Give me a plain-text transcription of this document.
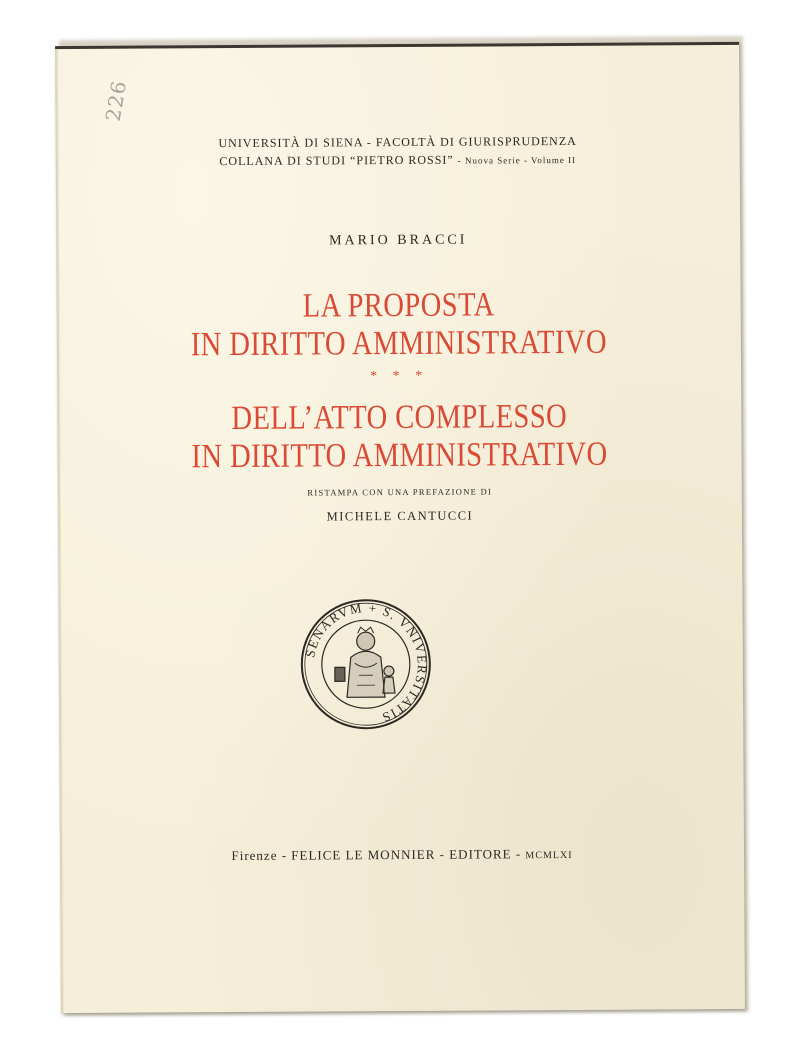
226
UNIVERSITÀ DI SIENA - FACOLTÀ DI GIURISPRUDENZA
COLLANA DI STUDI “PIETRO ROSSI” - Nuova Serie - Volume II
MARIO BRACCI
LA PROPOSTA
IN DIRITTO AMMINISTRATIVO
* * *
DELL’ATTO COMPLESSO
IN DIRITTO AMMINISTRATIVO
RISTAMPA CON UNA PREFAZIONE DI
MICHELE CANTUCCI
SENARVM + S. VNIVERSITATIS
Firenze - FELICE LE MONNIER - EDITORE - MCMLXI
